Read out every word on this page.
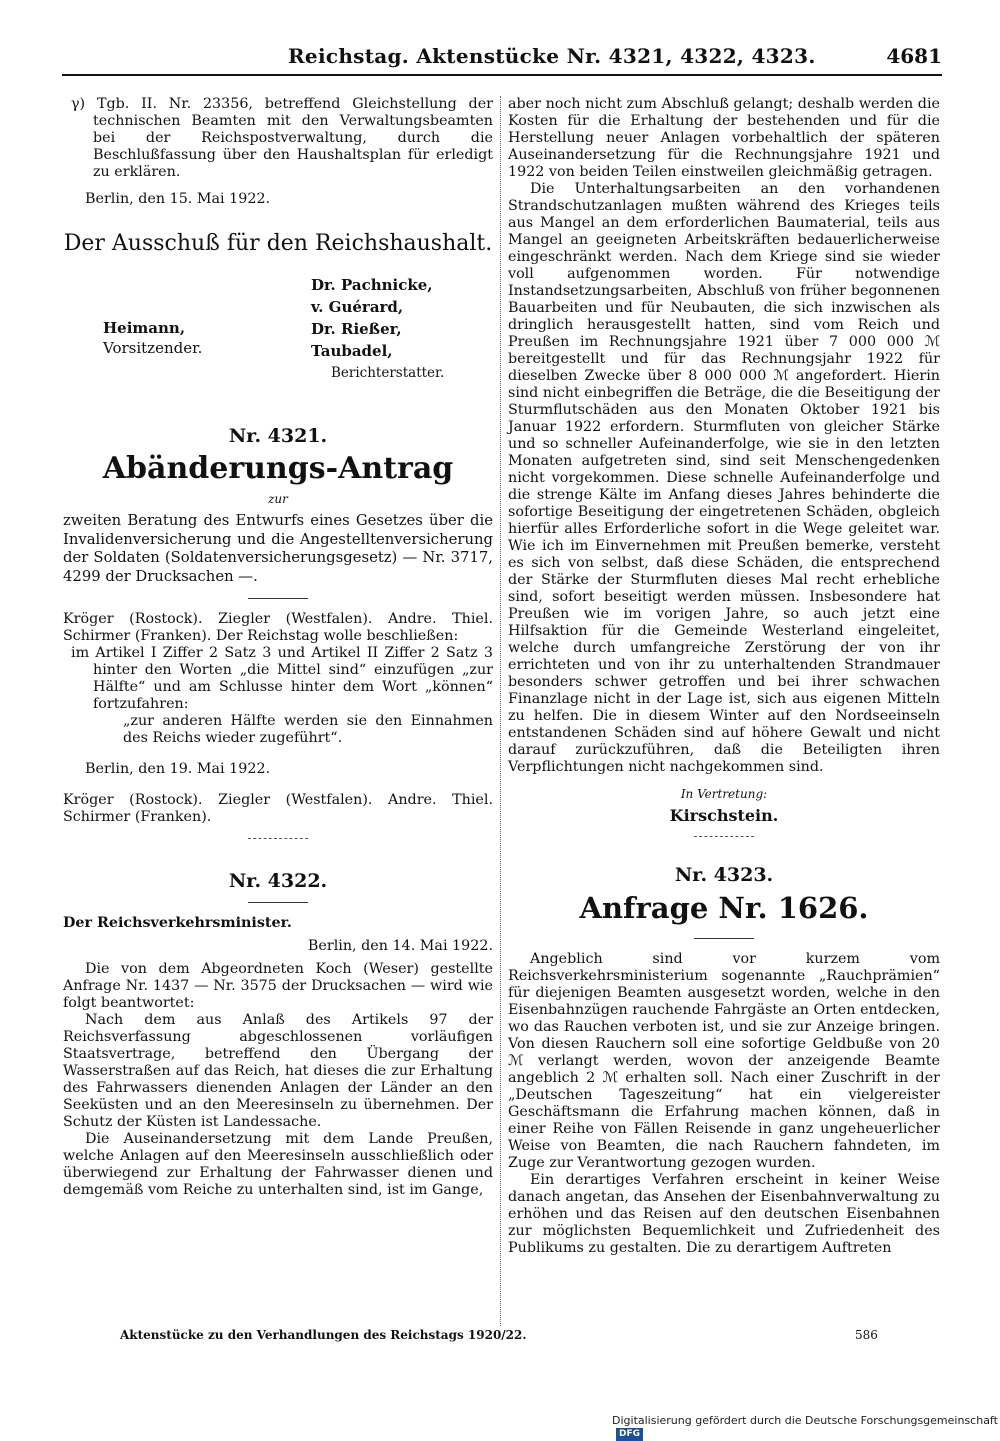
Reichstag. Aktenstücke Nr. 4321, 4322, 4323.	4681

γ) Tgb. II. Nr. 23356, betreffend Gleichstellung der technischen Beamten mit den Verwaltungsbeamten bei der Reichspostverwaltung, durch die Beschlußfassung über den Haushaltsplan für erledigt zu erklären.

Berlin, den 15. Mai 1922.

Der Ausschuß für den Reichshaushalt.

Dr. Pachnicke,
v. Guérard,
Dr. Rießer,
Taubadel,
Berichterstatter.
Heimann,
Vorsitzender.

Nr. 4321.

Abänderungs-Antrag

zur

zweiten Beratung des Entwurfs eines Gesetzes über die Invalidenversicherung und die Angestelltenversicherung der Soldaten (Soldatenversicherungsgesetz) — Nr. 3717, 4299 der Drucksachen —.

Kröger (Rostock). Ziegler (Westfalen). Andre. Thiel. Schirmer (Franken). Der Reichstag wolle beschließen:

im Artikel I Ziffer 2 Satz 3 und Artikel II Ziffer 2 Satz 3 hinter den Worten „die Mittel sind“ einzufügen „zur Hälfte“ und am Schlusse hinter dem Wort „können“ fortzufahren:

„zur anderen Hälfte werden sie den Einnahmen des Reichs wieder zugeführt“.

Berlin, den 19. Mai 1922.

Kröger (Rostock). Ziegler (Westfalen). Andre. Thiel. Schirmer (Franken).

Nr. 4322.

Der Reichsverkehrsminister.

Berlin, den 14. Mai 1922.

Die von dem Abgeordneten Koch (Weser) gestellte Anfrage Nr. 1437 — Nr. 3575 der Drucksachen — wird wie folgt beantwortet:

Nach dem aus Anlaß des Artikels 97 der Reichsverfassung abgeschlossenen vorläufigen Staatsvertrage, betreffend den Übergang der Wasserstraßen auf das Reich, hat dieses die zur Erhaltung des Fahrwassers dienenden Anlagen der Länder an den Seeküsten und an den Meeresinseln zu übernehmen. Der Schutz der Küsten ist Landessache.

Die Auseinandersetzung mit dem Lande Preußen, welche Anlagen auf den Meeresinseln ausschließlich oder überwiegend zur Erhaltung der Fahrwasser dienen und demgemäß vom Reiche zu unterhalten sind, ist im Gange,

aber noch nicht zum Abschluß gelangt; deshalb werden die Kosten für die Erhaltung der bestehenden und für die Herstellung neuer Anlagen vorbehaltlich der späteren Auseinandersetzung für die Rechnungsjahre 1921 und 1922 von beiden Teilen einstweilen gleichmäßig getragen.

Die Unterhaltungsarbeiten an den vorhandenen Strandschutzanlagen mußten während des Krieges teils aus Mangel an dem erforderlichen Baumaterial, teils aus Mangel an geeigneten Arbeitskräften bedauerlicherweise eingeschränkt werden. Nach dem Kriege sind sie wieder voll aufgenommen worden. Für notwendige Instandsetzungsarbeiten, Abschluß von früher begonnenen Bauarbeiten und für Neubauten, die sich inzwischen als dringlich herausgestellt hatten, sind vom Reich und Preußen im Rechnungsjahre 1921 über 7 000 000 ℳ bereitgestellt und für das Rechnungsjahr 1922 für dieselben Zwecke über 8 000 000 ℳ angefordert. Hierin sind nicht einbegriffen die Beträge, die die Beseitigung der Sturmflutschäden aus den Monaten Oktober 1921 bis Januar 1922 erfordern. Sturmfluten von gleicher Stärke und so schneller Aufeinanderfolge, wie sie in den letzten Monaten aufgetreten sind, sind seit Menschengedenken nicht vorgekommen. Diese schnelle Aufeinanderfolge und die strenge Kälte im Anfang dieses Jahres behinderte die sofortige Beseitigung der eingetretenen Schäden, obgleich hierfür alles Erforderliche sofort in die Wege geleitet war. Wie ich im Einvernehmen mit Preußen bemerke, versteht es sich von selbst, daß diese Schäden, die entsprechend der Stärke der Sturmfluten dieses Mal recht erhebliche sind, sofort beseitigt werden müssen. Insbesondere hat Preußen wie im vorigen Jahre, so auch jetzt eine Hilfsaktion für die Gemeinde Westerland eingeleitet, welche durch umfangreiche Zerstörung der von ihr errichteten und von ihr zu unterhaltenden Strandmauer besonders schwer getroffen und bei ihrer schwachen Finanzlage nicht in der Lage ist, sich aus eigenen Mitteln zu helfen. Die in diesem Winter auf den Nordseeinseln entstandenen Schäden sind auf höhere Gewalt und nicht darauf zurückzuführen, daß die Beteiligten ihren Verpflichtungen nicht nachgekommen sind.

In Vertretung:

Kirschstein.

Nr. 4323.

Anfrage Nr. 1626.

Angeblich sind vor kurzem vom Reichsverkehrsministerium sogenannte „Rauchprämien“ für diejenigen Beamten ausgesetzt worden, welche in den Eisenbahnzügen rauchende Fahrgäste an Orten entdecken, wo das Rauchen verboten ist, und sie zur Anzeige bringen. Von diesen Rauchern soll eine sofortige Geldbuße von 20 ℳ verlangt werden, wovon der anzeigende Beamte angeblich 2 ℳ erhalten soll. Nach einer Zuschrift in der „Deutschen Tageszeitung“ hat ein vielgereister Geschäftsmann die Erfahrung machen können, daß in einer Reihe von Fällen Reisende in ganz ungeheuerlicher Weise von Beamten, die nach Rauchern fahndeten, im Zuge zur Verantwortung gezogen wurden.

Ein derartiges Verfahren erscheint in keiner Weise danach angetan, das Ansehen der Eisenbahnverwaltung zu erhöhen und das Reisen auf den deutschen Eisenbahnen zur möglichsten Bequemlichkeit und Zufriedenheit des Publikums zu gestalten. Die zu derartigem Auftreten

Aktenstücke zu den Verhandlungen des Reichstags 1920/22.	586
Digitalisierung gefördert durch die Deutsche Forschungsgemeinschaft DFG
